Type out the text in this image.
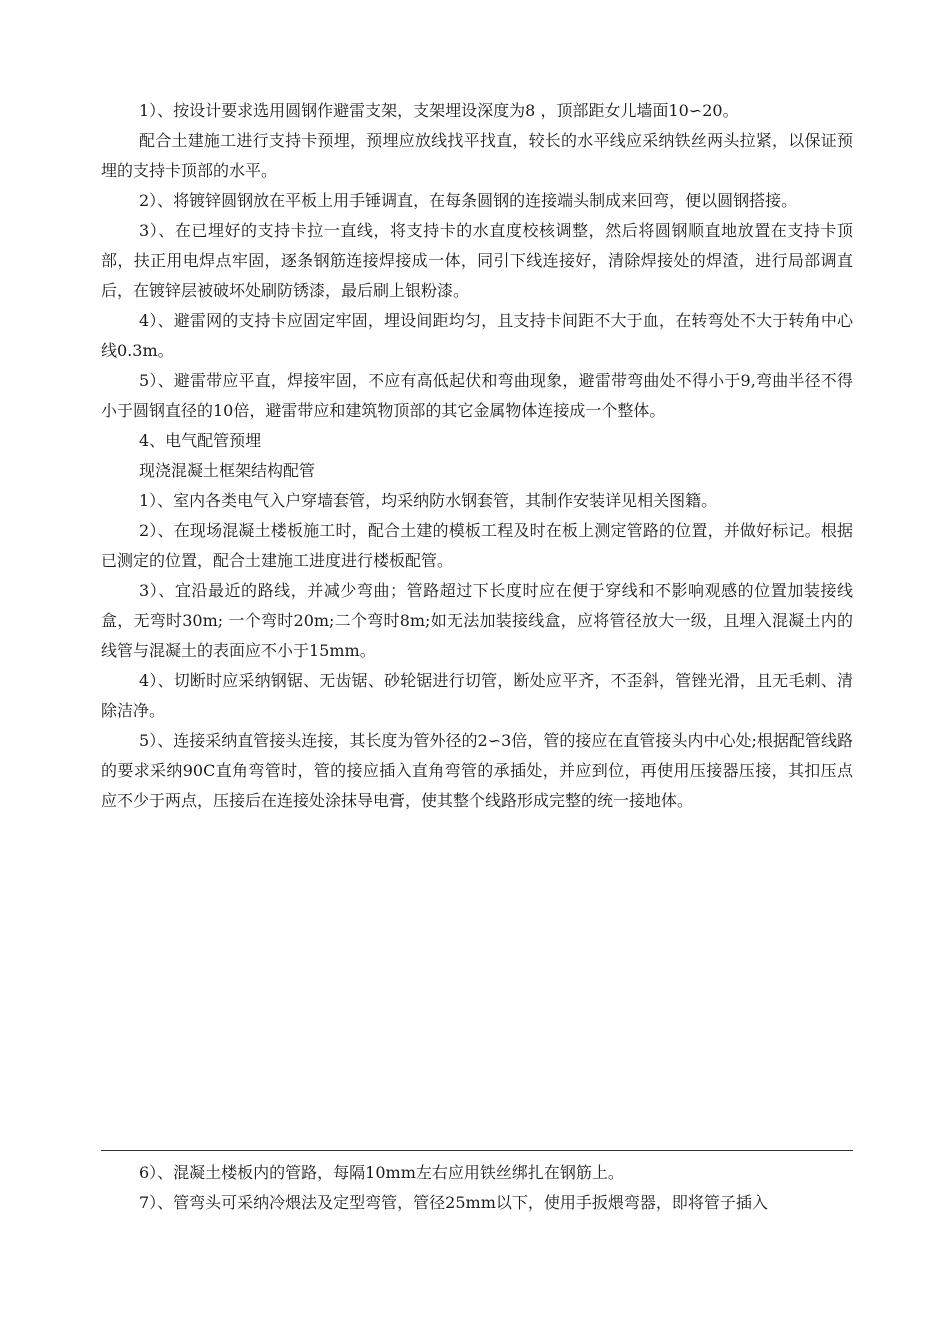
1）、按设计要求选用圆钢作避雷支架，支架埋设深度为8 ，顶部距女儿墙面10∽20。

配合土建施工进行支持卡预埋，预埋应放线找平找直，较长的水平线应采纳铁丝两头拉紧，以保证预埋的支持卡顶部的水平。

2）、将镀锌圆钢放在平板上用手锤调直，在每条圆钢的连接端头制成来回弯，便以圆钢搭接。

3）、在已埋好的支持卡拉一直线，将支持卡的水直度校核调整，然后将圆钢顺直地放置在支持卡顶部，扶正用电焊点牢固，逐条钢筋连接焊接成一体，同引下线连接好，清除焊接处的焊渣，进行局部调直后，在镀锌层被破坏处刷防锈漆，最后刷上银粉漆。

4）、避雷网的支持卡应固定牢固，埋设间距均匀，且支持卡间距不大于血，在转弯处不大于转角中心线0.3m。

5）、避雷带应平直，焊接牢固，不应有高低起伏和弯曲现象，避雷带弯曲处不得小于9,弯曲半径不得小于圆钢直径的10倍，避雷带应和建筑物顶部的其它金属物体连接成一个整体。

4、电气配管预埋

现浇混凝土框架结构配管

1）、室内各类电气入户穿墙套管，均采纳防水钢套管，其制作安装详见相关图籍。

2）、在现场混凝土楼板施工时，配合土建的模板工程及时在板上测定管路的位置，并做好标记。根据已测定的位置，配合土建施工进度进行楼板配管。

3）、宜沿最近的路线，并减少弯曲；管路超过下长度时应在便于穿线和不影响观感的位置加装接线盒，无弯时30m; 一个弯时20m;二个弯时8m;如无法加装接线盒，应将管径放大一级，且埋入混凝土内的线管与混凝土的表面应不小于15mm。

4）、切断时应采纳钢锯、无齿锯、砂轮锯进行切管，断处应平齐，不歪斜，管锉光滑，且无毛刺、清除洁净。

5）、连接采纳直管接头连接，其长度为管外径的2∽3倍，管的接应在直管接头内中心处;根据配管线路的要求采纳90C直角弯管时，管的接应插入直角弯管的承插处，并应到位，再使用压接器压接，其扣压点应不少于两点，压接后在连接处涂抹导电膏，使其整个线路形成完整的统一接地体。

6）、混凝土楼板内的管路，每隔10mm左右应用铁丝绑扎在钢筋上。

7）、管弯头可采纳冷煨法及定型弯管，管径25mm以下，使用手扳煨弯器，即将管子插入
